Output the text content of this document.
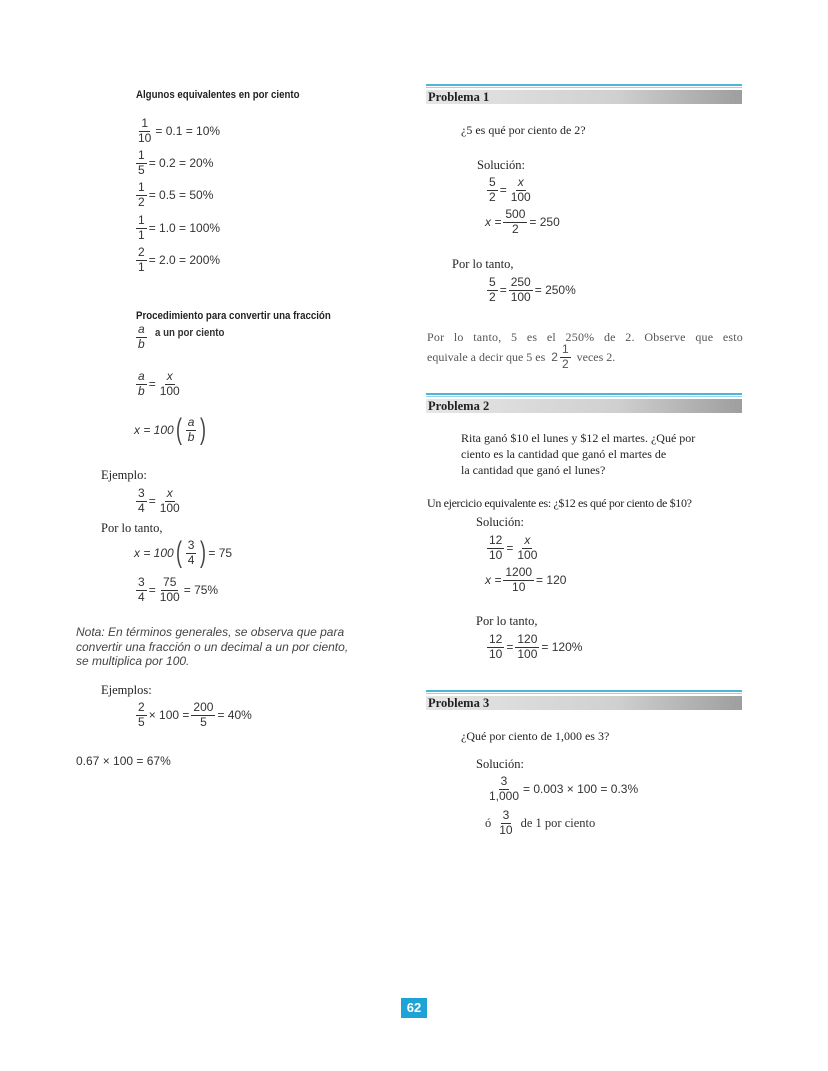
Algunos equivalentes en por ciento
$\frac{1}{10} = 0.1 = 10\%$
$\frac{1}{5} = 0.2 = 20\%$
$\frac{1}{2} = 0.5 = 50\%$
$\frac{1}{1} = 1.0 = 100\%$
$\frac{2}{1} = 2.0 = 200\%$
Procedimiento para convertir una fracción
$\frac{a}{b}$ a un por ciento
$\frac{a}{b} = \frac{x}{100}$
x = 100 ( $\frac{a}{b}$ )
Ejemplo:
$\frac{3}{4} = \frac{x}{100}$
Por lo tanto,
x = 100 ( $\frac{3}{4}$ ) = 75
$\frac{3}{4} = \frac{75}{100} = 75\%$
Nota: En términos generales, se observa que para
convertir una fracción o un decimal a un por ciento,
se multiplica por 100.
Ejemplos:
$\frac{2}{5} \times 100 = \frac{200}{5} = 40\%$
0.67 × 100 = 67%
Problema 1
¿5 es qué por ciento de 2?
Solución:
$\frac{5}{2} = \frac{x}{100}$
$x = \frac{500}{2} = 250$
Por lo tanto,
$\frac{5}{2} = \frac{250}{100} = 250\%$
Por lo tanto, 5 es el 250% de 2. Observe que esto
equivale a decir que 5 es $2 \frac{1}{2}$ veces 2.
Problema 2
Rita ganó $10 el lunes y $12 el martes. ¿Qué por
ciento es la cantidad que ganó el martes de
la cantidad que ganó el lunes?
Un ejercicio equivalente es: ¿$12 es qué por ciento de $10?
Solución:
$\frac{12}{10} = \frac{x}{100}$
$x = \frac{1200}{10} = 120$
Por lo tanto,
$\frac{12}{10} = \frac{120}{100} = 120\%$
Problema 3
¿Qué por ciento de 1,000 es 3?
Solución:
$\frac{3}{1,000} = 0.003 \times 100 = 0.3\%$
ó $\frac{3}{10}$ de 1 por ciento
62
